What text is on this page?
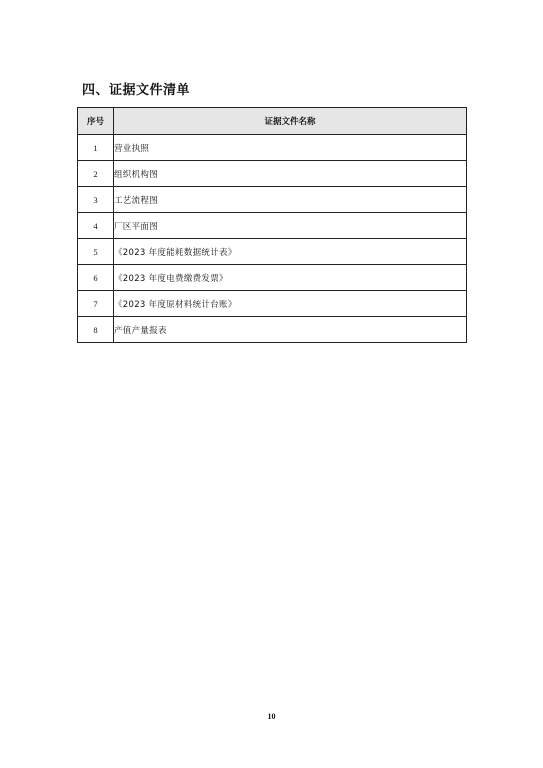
四、证据文件清单
序号	证据文件名称
1	营业执照
2	组织机构图
3	工艺流程图
4	厂区平面图
5	《2023 年度能耗数据统计表》
6	《2023 年度电费缴费发票》
7	《2023 年度原材料统计台账》
8	产值产量报表
10
